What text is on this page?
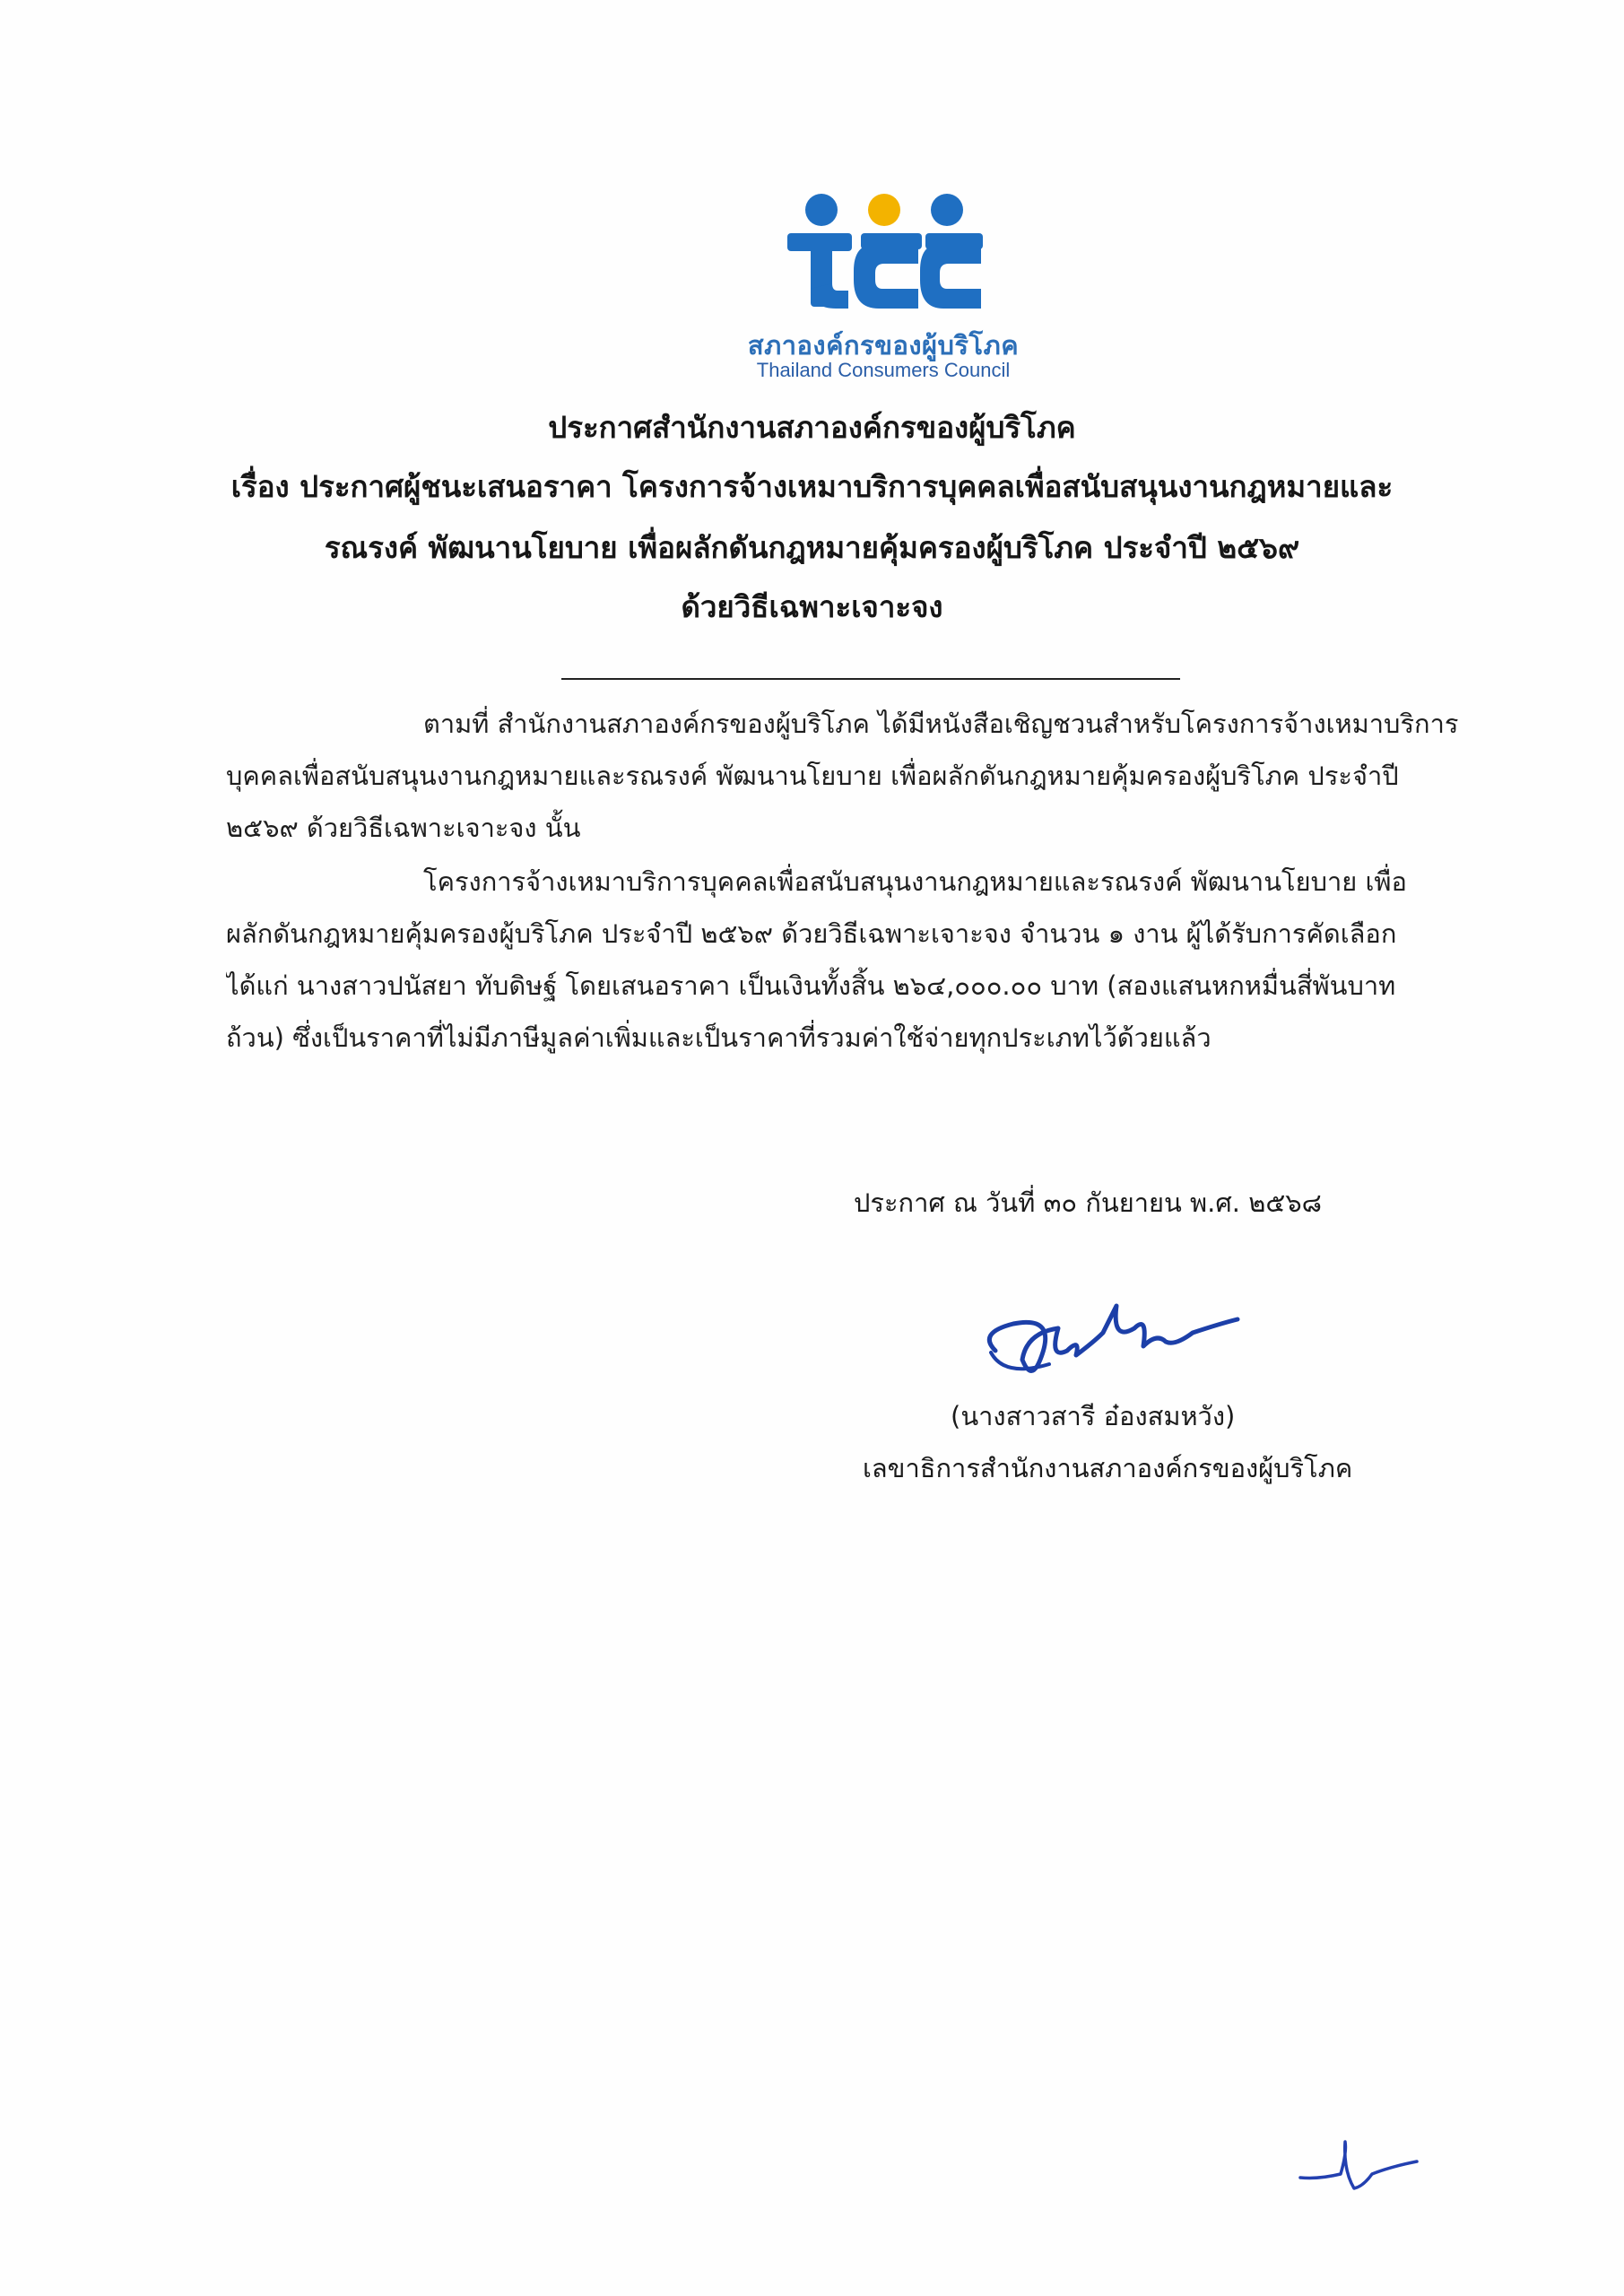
สภาองค์กรของผู้บริโภค
Thailand Consumers Council
ประกาศสำนักงานสภาองค์กรของผู้บริโภค
เรื่อง ประกาศผู้ชนะเสนอราคา โครงการจ้างเหมาบริการบุคคลเพื่อสนับสนุนงานกฎหมายและ
รณรงค์ พัฒนานโยบาย เพื่อผลักดันกฎหมายคุ้มครองผู้บริโภค ประจำปี ๒๕๖๙
ด้วยวิธีเฉพาะเจาะจง
ตามที่ สำนักงานสภาองค์กรของผู้บริโภค ได้มีหนังสือเชิญชวนสำหรับโครงการจ้างเหมาบริการ
บุคคลเพื่อสนับสนุนงานกฎหมายและรณรงค์ พัฒนานโยบาย เพื่อผลักดันกฎหมายคุ้มครองผู้บริโภค ประจำปี
๒๕๖๙ ด้วยวิธีเฉพาะเจาะจง นั้น
โครงการจ้างเหมาบริการบุคคลเพื่อสนับสนุนงานกฎหมายและรณรงค์ พัฒนานโยบาย เพื่อ
ผลักดันกฎหมายคุ้มครองผู้บริโภค ประจำปี ๒๕๖๙ ด้วยวิธีเฉพาะเจาะจง จำนวน ๑ งาน ผู้ได้รับการคัดเลือก
ได้แก่ นางสาวปนัสยา ทับดิษฐ์ โดยเสนอราคา เป็นเงินทั้งสิ้น ๒๖๔,๐๐๐.๐๐ บาท (สองแสนหกหมื่นสี่พันบาท
ถ้วน) ซึ่งเป็นราคาที่ไม่มีภาษีมูลค่าเพิ่มและเป็นราคาที่รวมค่าใช้จ่ายทุกประเภทไว้ด้วยแล้ว
ประกาศ ณ วันที่ ๓๐ กันยายน พ.ศ. ๒๕๖๘
(นางสาวสารี อ๋องสมหวัง)
เลขาธิการสำนักงานสภาองค์กรของผู้บริโภค
